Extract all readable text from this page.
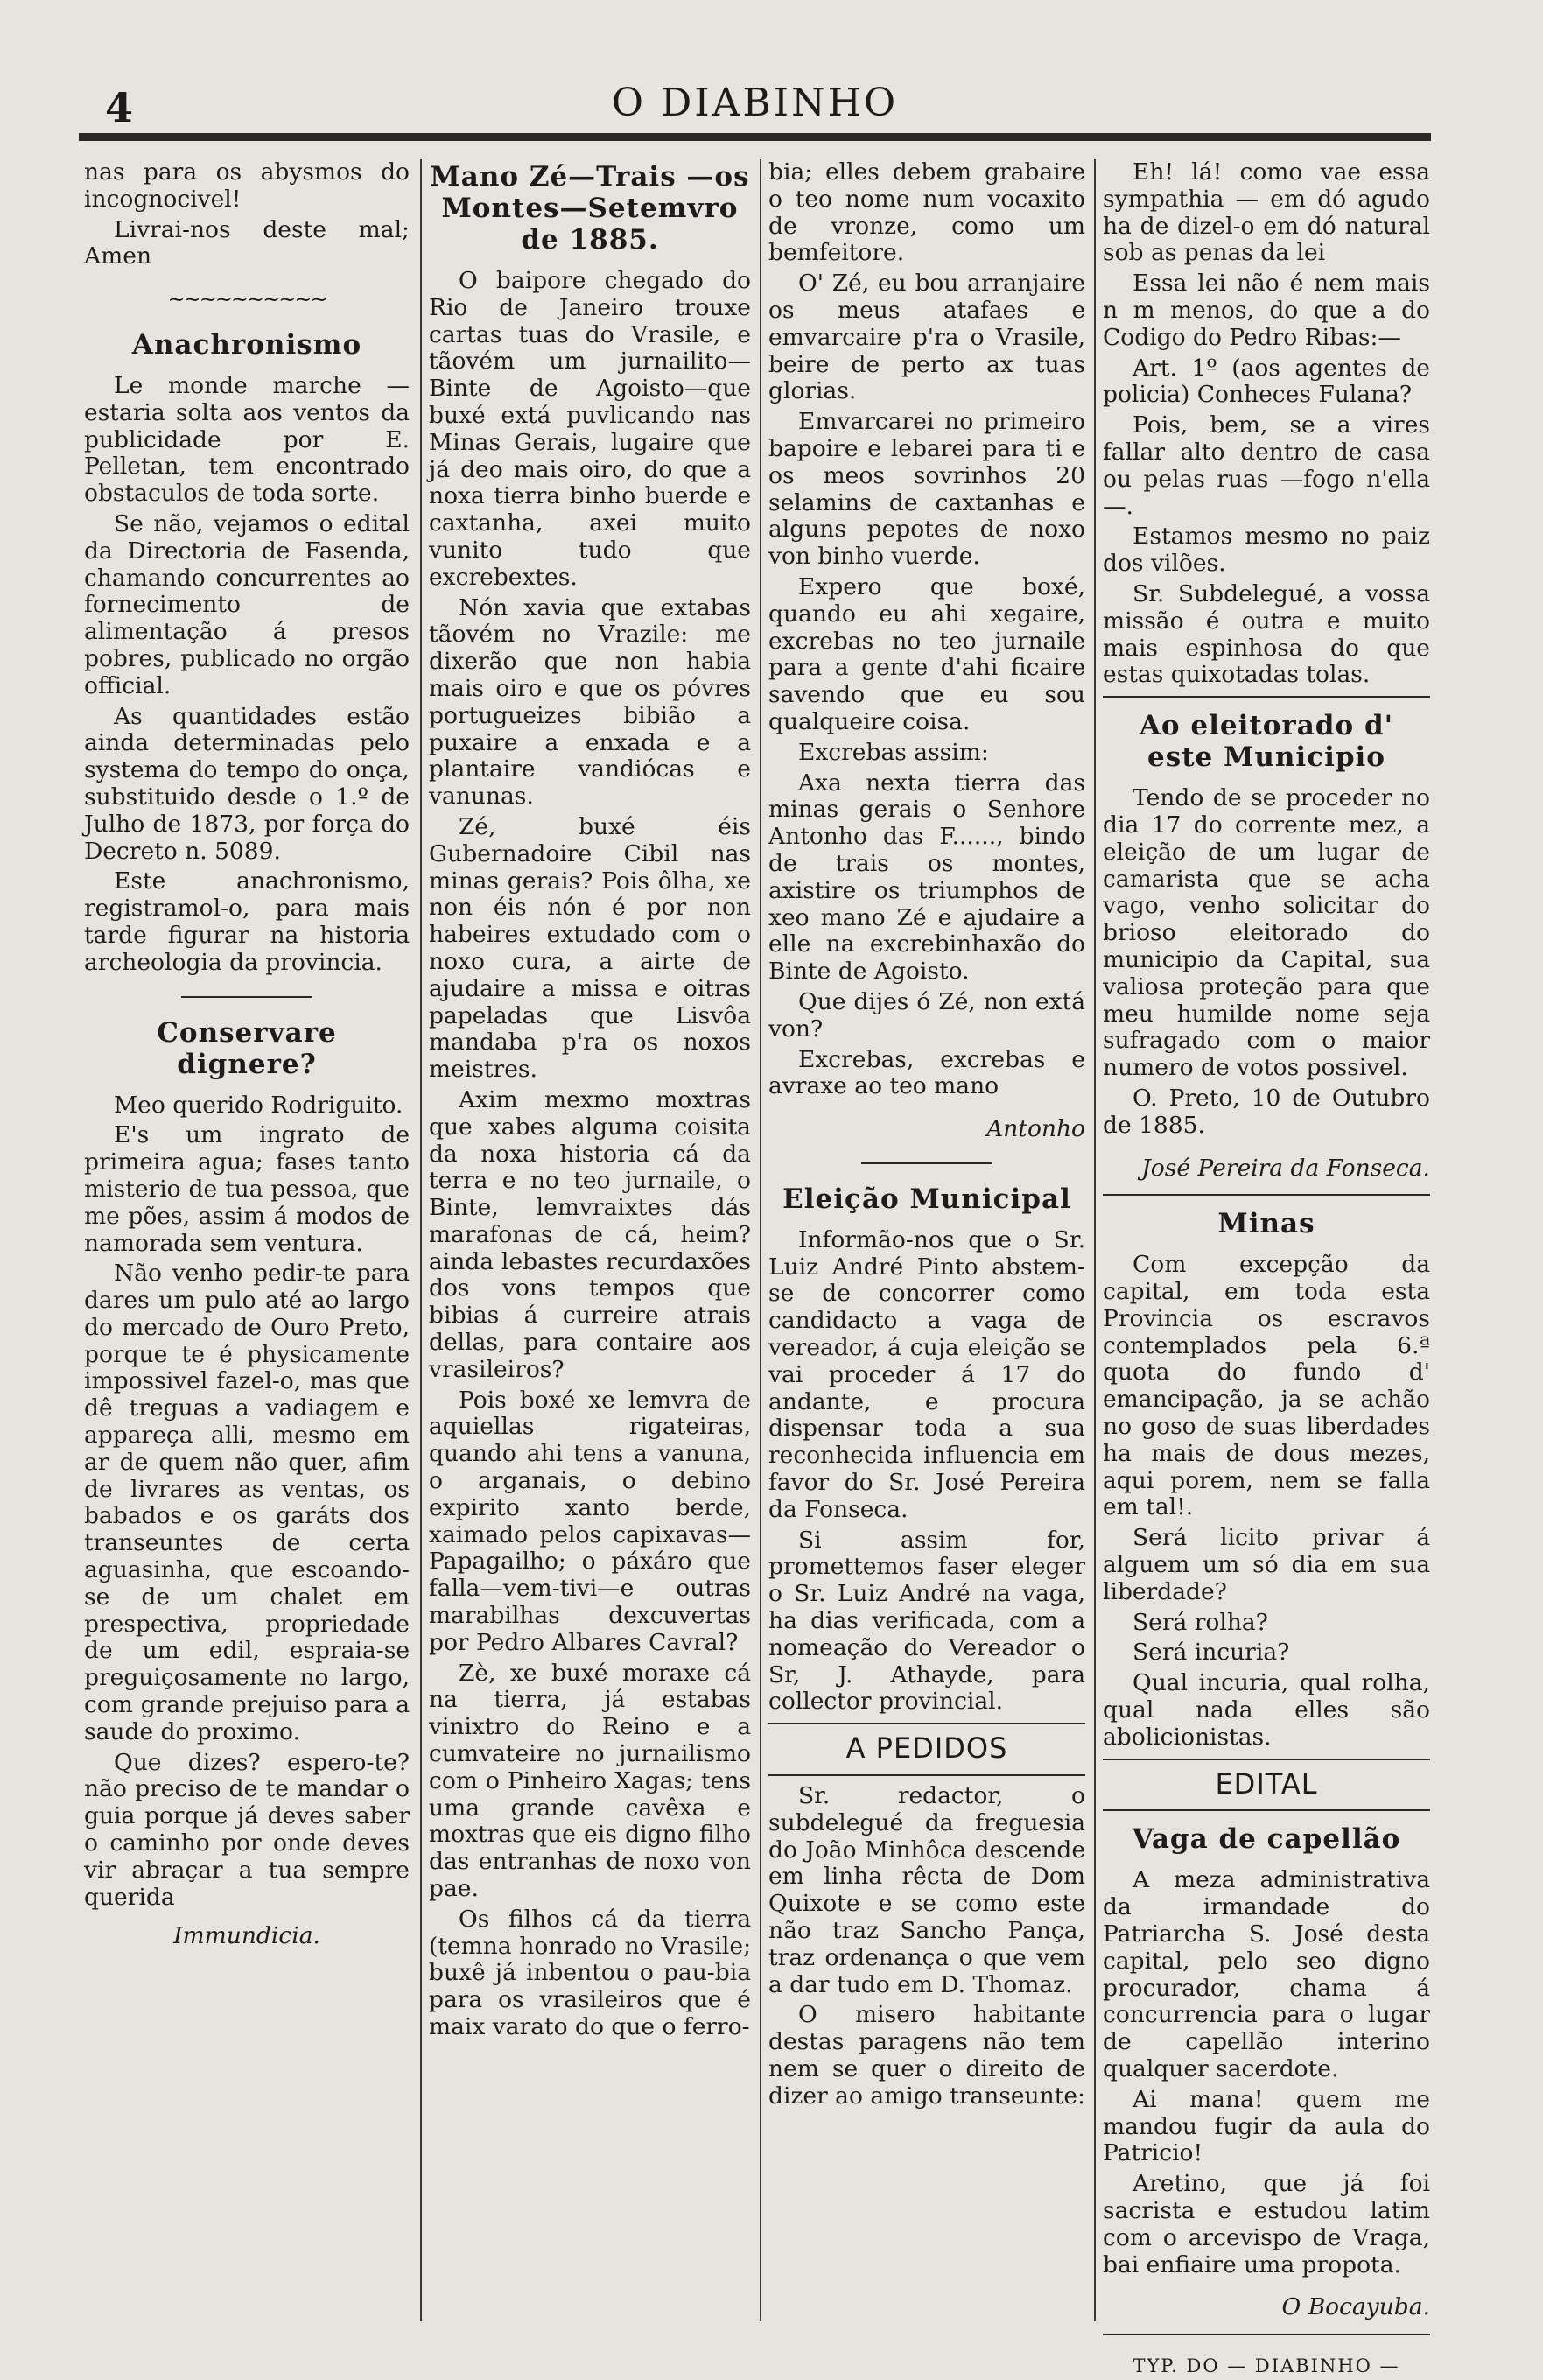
4	O DIABINHO

nas para os abysmos do incognocivel!

Livrai-nos deste mal; Amen

~~~~~~~~~~
Anachronismo

Le monde marche — estaria solta aos ventos da publicidade por E. Pelletan, tem encontrado obstaculos de toda sorte.

Se não, vejamos o edital da Directoria de Fasenda, chamando concurrentes ao fornecimento de alimentação á presos pobres, publicado no orgão official.

As quantidades estão ainda determinadas pelo systema do tempo do onça, substituido desde o 1.º de Julho de 1873, por força do Decreto n. 5089.

Este anachronismo, registramol-o, para mais tarde figurar na historia archeologia da provincia.

Conservare dignere?

Meo querido Rodriguito.

E's um ingrato de primeira agua; fases tanto misterio de tua pessoa, que me pões, assim á modos de namorada sem ventura.

Não venho pedir-te para dares um pulo até ao largo do mercado de Ouro Preto, porque te é physicamente impossivel fazel-o, mas que dê treguas a vadiagem e appareça alli, mesmo em ar de quem não quer, afim de livrares as ventas, os babados e os garáts dos transeuntes de certa aguasinha, que escoando-se de um chalet em prespectiva, propriedade de um edil, espraia-se preguiçosamente no largo, com grande prejuiso para a saude do proximo.

Que dizes? espero-te? não preciso de te mandar o guia porque já deves saber o caminho por onde deves vir abraçar a tua sempre querida

Immundicia.
Mano Zé—Trais —os Montes—Setemvro de 1885.

O baipore chegado do Rio de Janeiro trouxe cartas tuas do Vrasile, e tãovém um jurnailito—Binte de Agoisto—que buxé extá puvlicando nas Minas Gerais, lugaire que já deo mais oiro, do que a noxa tierra binho buerde e caxtanha, axei muito vunito tudo que excrebextes.

Nón xavia que extabas tãovém no Vrazile: me dixerão que non habia mais oiro e que os póvres portugueizes bibião a puxaire a enxada e a plantaire vandiócas e vanunas.

Zé, buxé éis Gubernadoire Cibil nas minas gerais? Pois ôlha, xe non éis nón é por non habeires extudado com o noxo cura, a airte de ajudaire a missa e oitras papeladas que Lisvôa mandaba p'ra os noxos meistres.

Axim mexmo moxtras que xabes alguma coisita da noxa historia cá da terra e no teo jurnaile, o Binte, lemvraixtes dás marafonas de cá, heim? ainda lebastes recurdaxões dos vons tempos que bibias á curreire atrais dellas, para contaire aos vrasileiros?

Pois boxé xe lemvra de aquiellas rigateiras, quando ahi tens a vanuna, o arganais, o debino expirito xanto berde, xaimado pelos capixavas—Papagailho; o páxáro que falla—vem-tivi—e outras marabilhas dexcuvertas por Pedro Albares Cavral?

Zè, xe buxé moraxe cá na tierra, já estabas vinixtro do Reino e a cumvateire no jurnailismo com o Pinheiro Xagas; tens uma grande cavêxa e moxtras que eis digno filho das entranhas de noxo von pae.

Os filhos cá da tierra (temna honrado no Vrasile; buxê já inbentou o pau-bia para os vrasileiros que é maix varato do que o ferro-

bia; elles debem grabaire o teo nome num vocaxito de vronze, como um bemfeitore.

O' Zé, eu bou arranjaire os meus atafaes e emvarcaire p'ra o Vrasile, beire de perto ax tuas glorias.

Emvarcarei no primeiro bapoire e lebarei para ti e os meos sovrinhos 20 selamins de caxtanhas e alguns pepotes de noxo von binho vuerde.

Expero que boxé, quando eu ahi xegaire, excrebas no teo jurnaile para a gente d'ahi ficaire savendo que eu sou qualqueire coisa.

Excrebas assim:

Axa nexta tierra das minas gerais o Senhore Antonho das F......, bindo de trais os montes, axistire os triumphos de xeo mano Zé e ajudaire a elle na excrebinhaxão do Binte de Agoisto.

Que dijes ó Zé, non extá von?

Excrebas, excrebas e avraxe ao teo mano

Antonho
Eleição Municipal

Informão-nos que o Sr. Luiz André Pinto abstem-se de concorrer como candidacto a vaga de vereador, á cuja eleição se vai proceder á 17 do andante, e procura dispensar toda a sua reconhecida influencia em favor do Sr. José Pereira da Fonseca.

Si assim for, promettemos faser eleger o Sr. Luiz André na vaga, ha dias verificada, com a nomeação do Vereador o Sr, J. Athayde, para collector provincial.

A PEDIDOS

Sr. redactor, o subdelegué da freguesia do João Minhôca descende em linha rêcta de Dom Quixote e se como este não traz Sancho Pança, traz ordenança o que vem a dar tudo em D. Thomaz.

O misero habitante destas paragens não tem nem se quer o direito de dizer ao amigo transeunte:

Eh! lá! como vae essa sympathia — em dó agudo ha de dizel-o em dó natural sob as penas da lei

Essa lei não é nem mais n m menos, do que a do Codigo do Pedro Ribas:—

Art. 1º (aos agentes de policia) Conheces Fulana?

Pois, bem, se a vires fallar alto dentro de casa ou pelas ruas —fogo n'ella—.

Estamos mesmo no paiz dos vilões.

Sr. Subdelegué, a vossa missão é outra e muito mais espinhosa do que estas quixotadas tolas.

Ao eleitorado d' este Municipio

Tendo de se proceder no dia 17 do corrente mez, a eleição de um lugar de camarista que se acha vago, venho solicitar do brioso eleitorado do municipio da Capital, sua valiosa proteção para que meu humilde nome seja sufragado com o maior numero de votos possivel.

O. Preto, 10 de Outubro de 1885.

José Pereira da Fonseca.
Minas

Com excepção da capital, em toda esta Provincia os escravos contemplados pela 6.ª quota do fundo d' emancipação, ja se achão no goso de suas liberdades ha mais de dous mezes, aqui porem, nem se falla em tal!.

Será licito privar á alguem um só dia em sua liberdade?

Será rolha?

Será incuria?

Qual incuria, qual rolha, qual nada elles são abolicionistas.

EDITAL
Vaga de capellão

A meza administrativa da irmandade do Patriarcha S. José desta capital, pelo seo digno procurador, chama á concurrencia para o lugar de capellão interino qualquer sacerdote.

Ai mana! quem me mandou fugir da aula do Patricio!

Aretino, que já foi sacrista e estudou latim com o arcevispo de Vraga, bai enfiaire uma propota.

O Bocayuba.
TYP. DO — DIABINHO —
